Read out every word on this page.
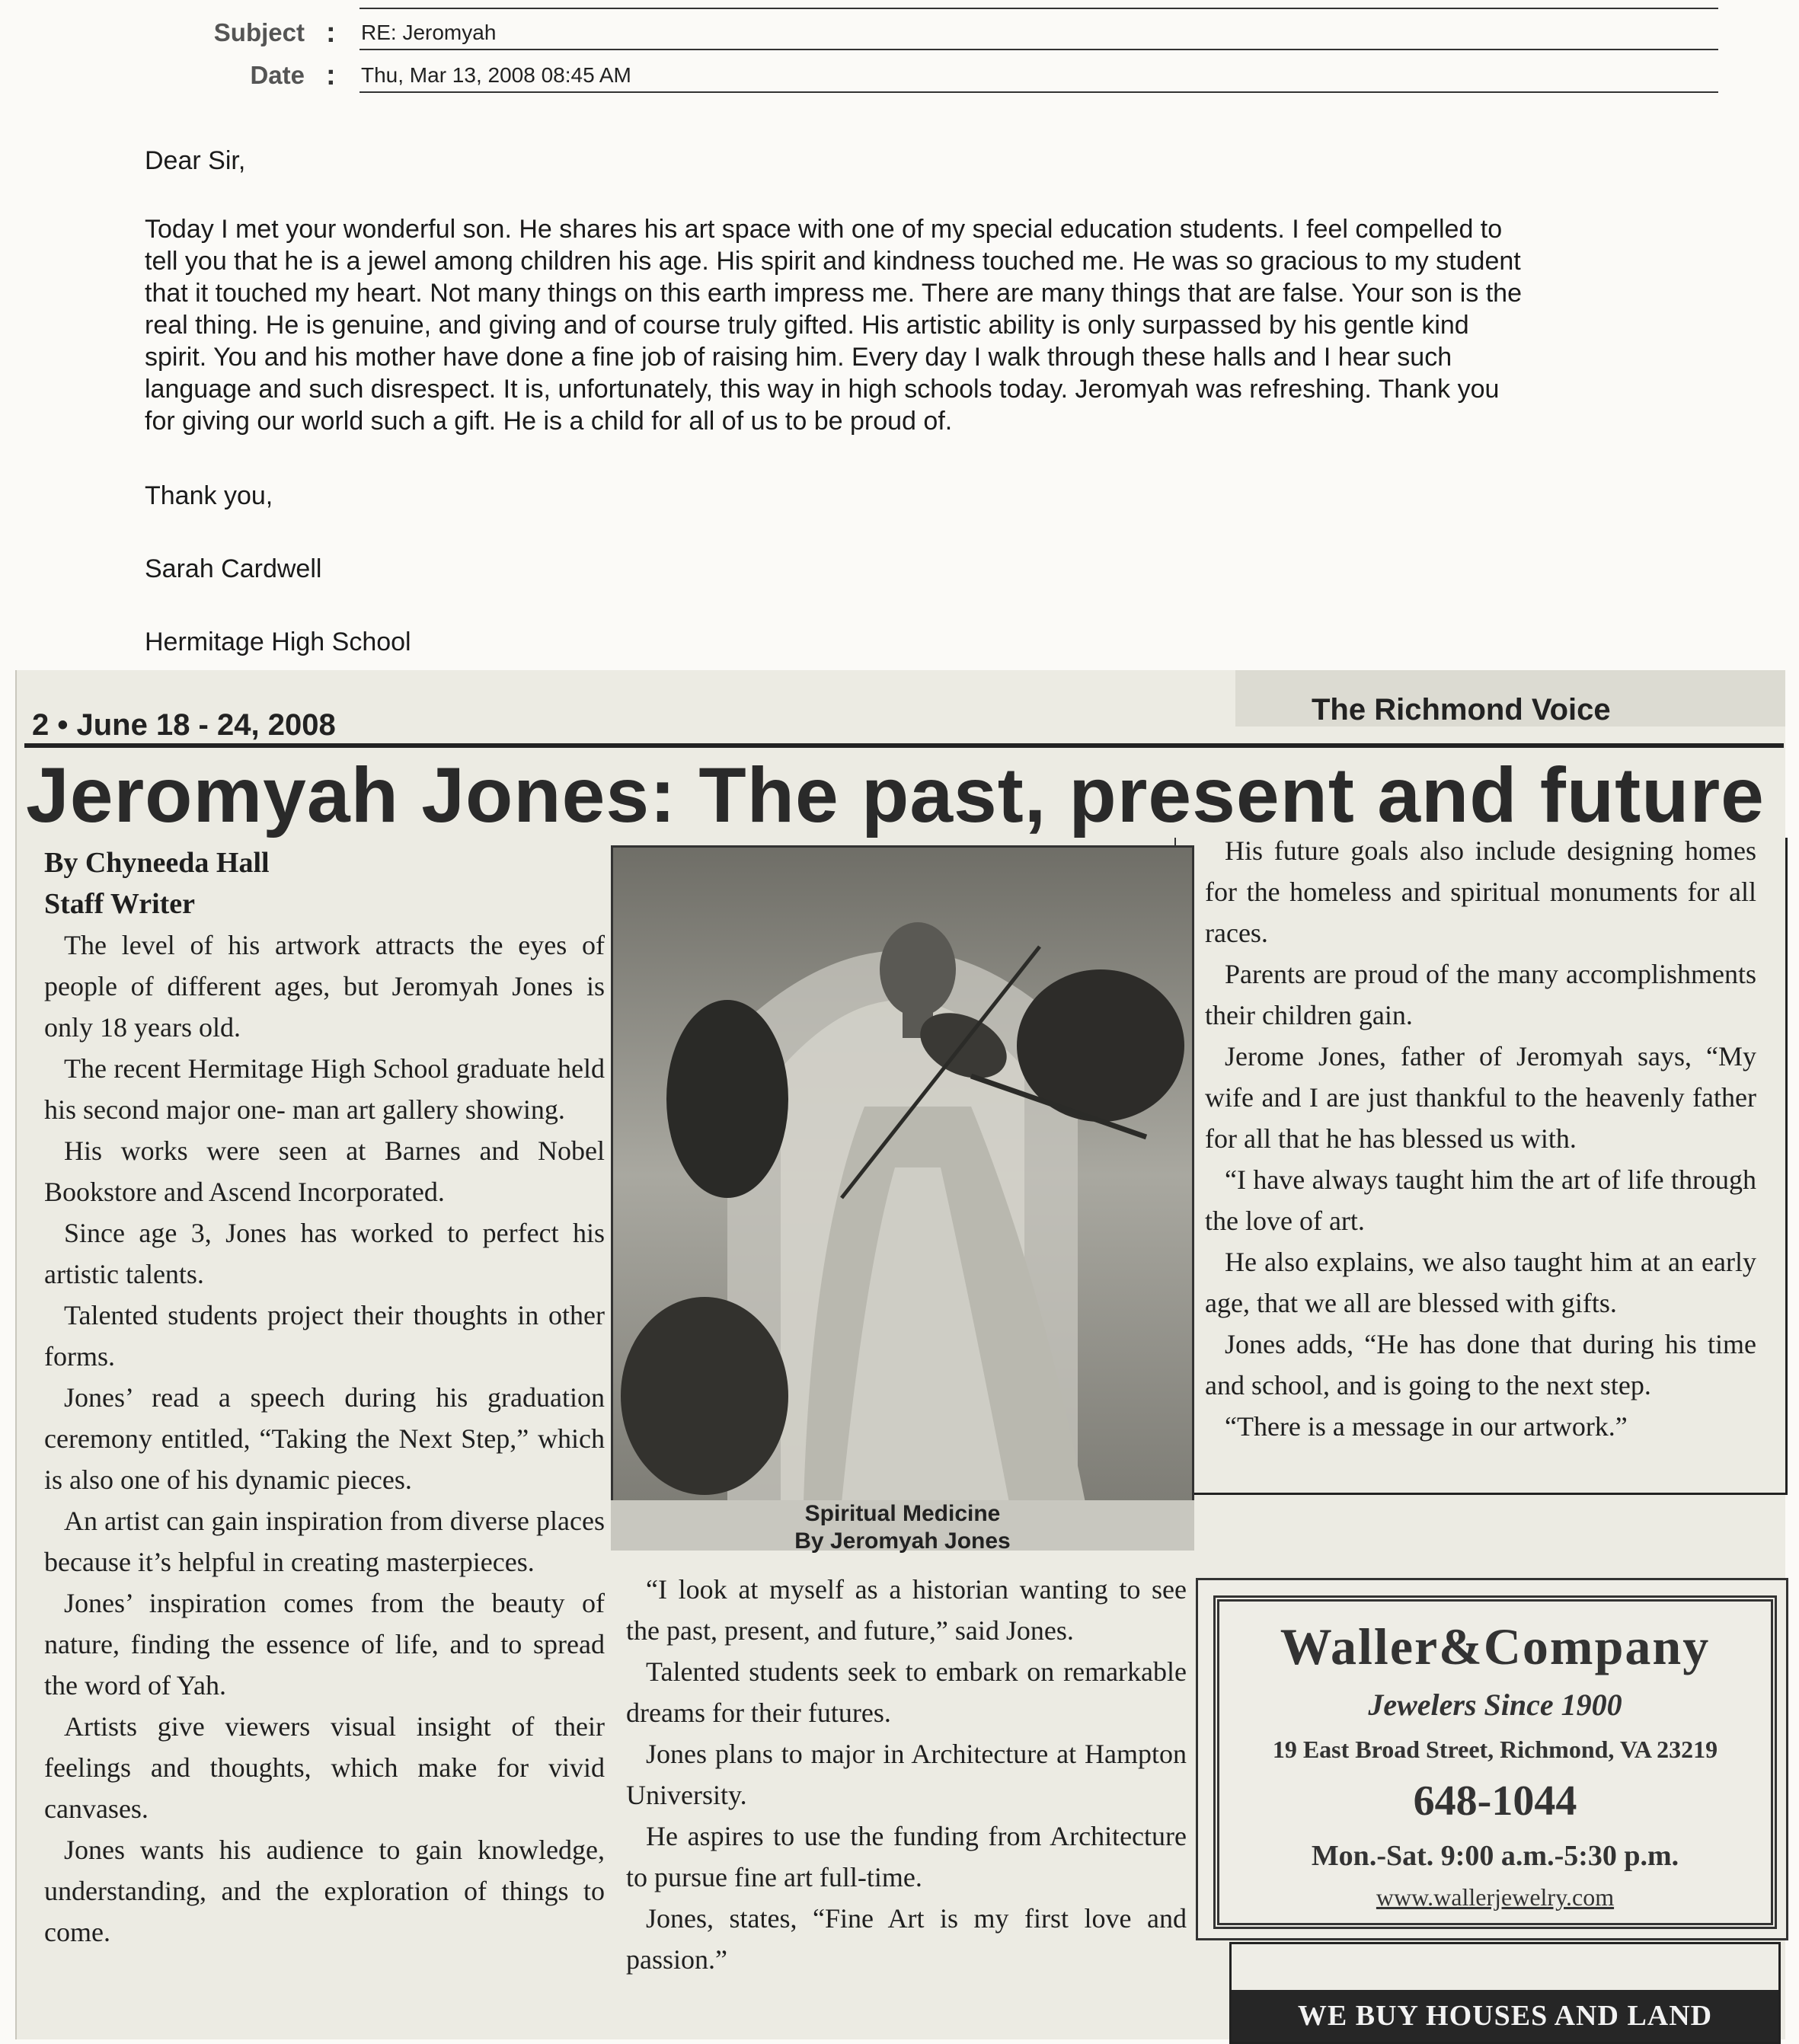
Subject : RE: Jeromyah
Date : Thu, Mar 13, 2008 08:45 AM

Dear Sir,

Today I met your wonderful son. He shares his art space with one of my special education students. I feel compelled to

tell you that he is a jewel among children his age. His spirit and kindness touched me. He was so gracious to my student

that it touched my heart. Not many things on this earth impress me. There are many things that are false. Your son is the

real thing. He is genuine, and giving and of course truly gifted. His artistic ability is only surpassed by his gentle kind

spirit. You and his mother have done a fine job of raising him. Every day I walk through these halls and I hear such

language and such disrespect. It is, unfortunately, this way in high schools today. Jeromyah was refreshing. Thank you

for giving our world such a gift. He is a child for all of us to be proud of.

Thank you,

Sarah Cardwell

Hermitage High School

2 • June 18 - 24, 2008	The Richmond Voice
Jeromyah Jones: The past, present and future

By Chyneeda Hall

Staff Writer

The level of his artwork attracts the eyes of people of different ages, but Jeromyah Jones is only 18 years old.

The recent Hermitage High School graduate held his second major one- man art gallery showing.

His works were seen at Barnes and Nobel Bookstore and Ascend Incorporated.

Since age 3, Jones has worked to perfect his artistic talents.

Talented students project their thoughts in other forms.

Jones’ read a speech during his graduation ceremony entitled, “Taking the Next Step,” which is also one of his dynamic pieces.

An artist can gain inspiration from diverse places because it’s helpful in creating masterpieces.

Jones’ inspiration comes from the beauty of nature, finding the essence of life, and to spread the word of Yah.

Artists give viewers visual insight of their feelings and thoughts, which make for vivid canvases.

Jones wants his audience to gain knowledge, understanding, and the exploration of things to come.

Spiritual Medicine
By Jeromyah Jones

“I look at myself as a historian wanting to see the past, present, and future,” said Jones.

Talented students seek to embark on remarkable dreams for their futures.

Jones plans to major in Architecture at Hampton University.

He aspires to use the funding from Architecture to pursue fine art full-time.

Jones, states, “Fine Art is my first love and passion.”

His future goals also include designing homes for the homeless and spiritual monuments for all races.

Parents are proud of the many accomplishments their children gain.

Jerome Jones, father of Jeromyah says, “My wife and I are just thankful to the heavenly father for all that he has blessed us with.

“I have always taught him the art of life through the love of art.

He also explains, we also taught him at an early age, that we all are blessed with gifts.

Jones adds, “He has done that during his time and school, and is going to the next step.

“There is a message in our artwork.”

Waller&Company
Jewelers Since 1900
19 East Broad Street, Richmond, VA 23219
648-1044
Mon.-Sat. 9:00 a.m.-5:30 p.m.
www.wallerjewelry.com
WE BUY HOUSES AND LAND
